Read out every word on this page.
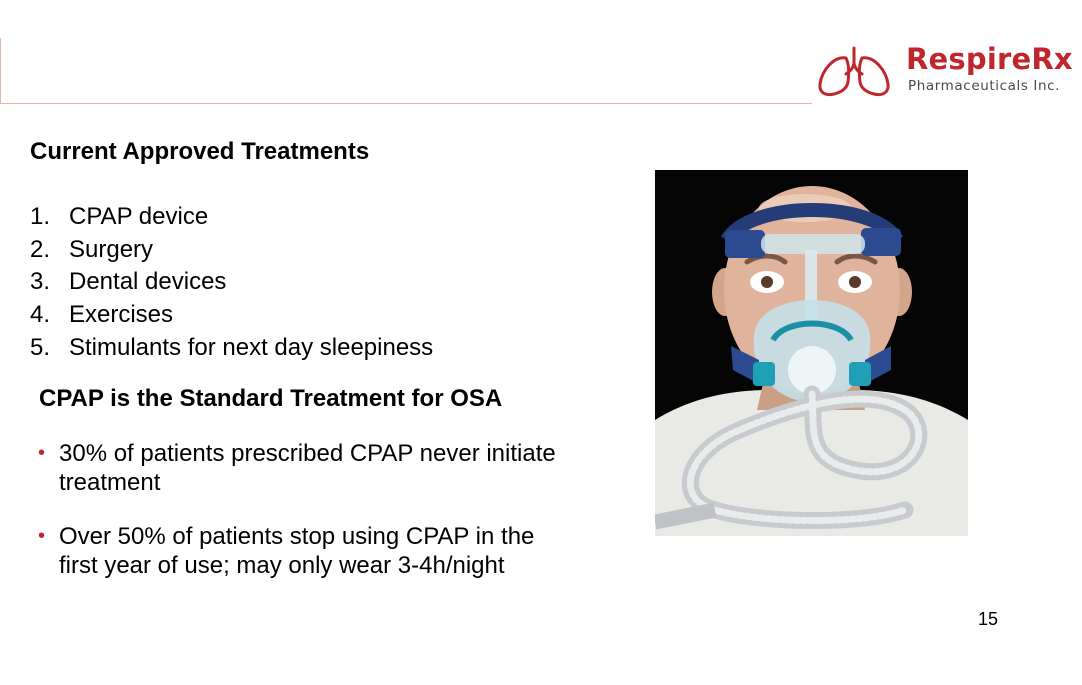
RespireRx
Pharmaceuticals Inc.
Current Approved Treatments
1. CPAP device
2. Surgery
3. Dental devices
4. Exercises
5. Stimulants for next day sleepiness
CPAP is the Standard Treatment for OSA
• 30% of patients prescribed CPAP never initiate treatment
• Over 50% of patients stop using CPAP in the first year of use; may only wear 3-4h/night
15
